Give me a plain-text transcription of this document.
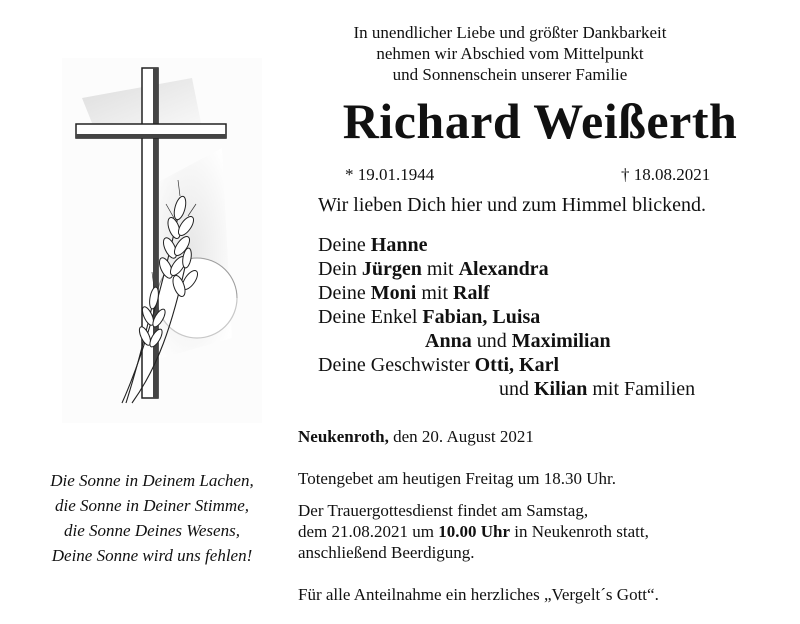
In unendlicher Liebe und größter Dankbarkeit
nehmen wir Abschied vom Mittelpunkt
und Sonnenschein unserer Familie
Richard Weißerth
* 19.01.1944	† 18.08.2021
Wir lieben Dich hier und zum Himmel blickend.
Deine Hanne
Dein Jürgen mit Alexandra
Deine Moni mit Ralf
Deine Enkel Fabian, Luisa
Anna und Maximilian
Deine Geschwister Otti, Karl
und Kilian mit Familien
Neukenroth, den 20. August 2021
Totengebet am heutigen Freitag um 18.30 Uhr.
Der Trauergottesdienst findet am Samstag,
dem 21.08.2021 um 10.00 Uhr in Neukenroth statt,
anschließend Beerdigung.
Für alle Anteilnahme ein herzliches „Vergelt´s Gott“.
Die Sonne in Deinem Lachen,
die Sonne in Deiner Stimme,
die Sonne Deines Wesens,
Deine Sonne wird uns fehlen!
